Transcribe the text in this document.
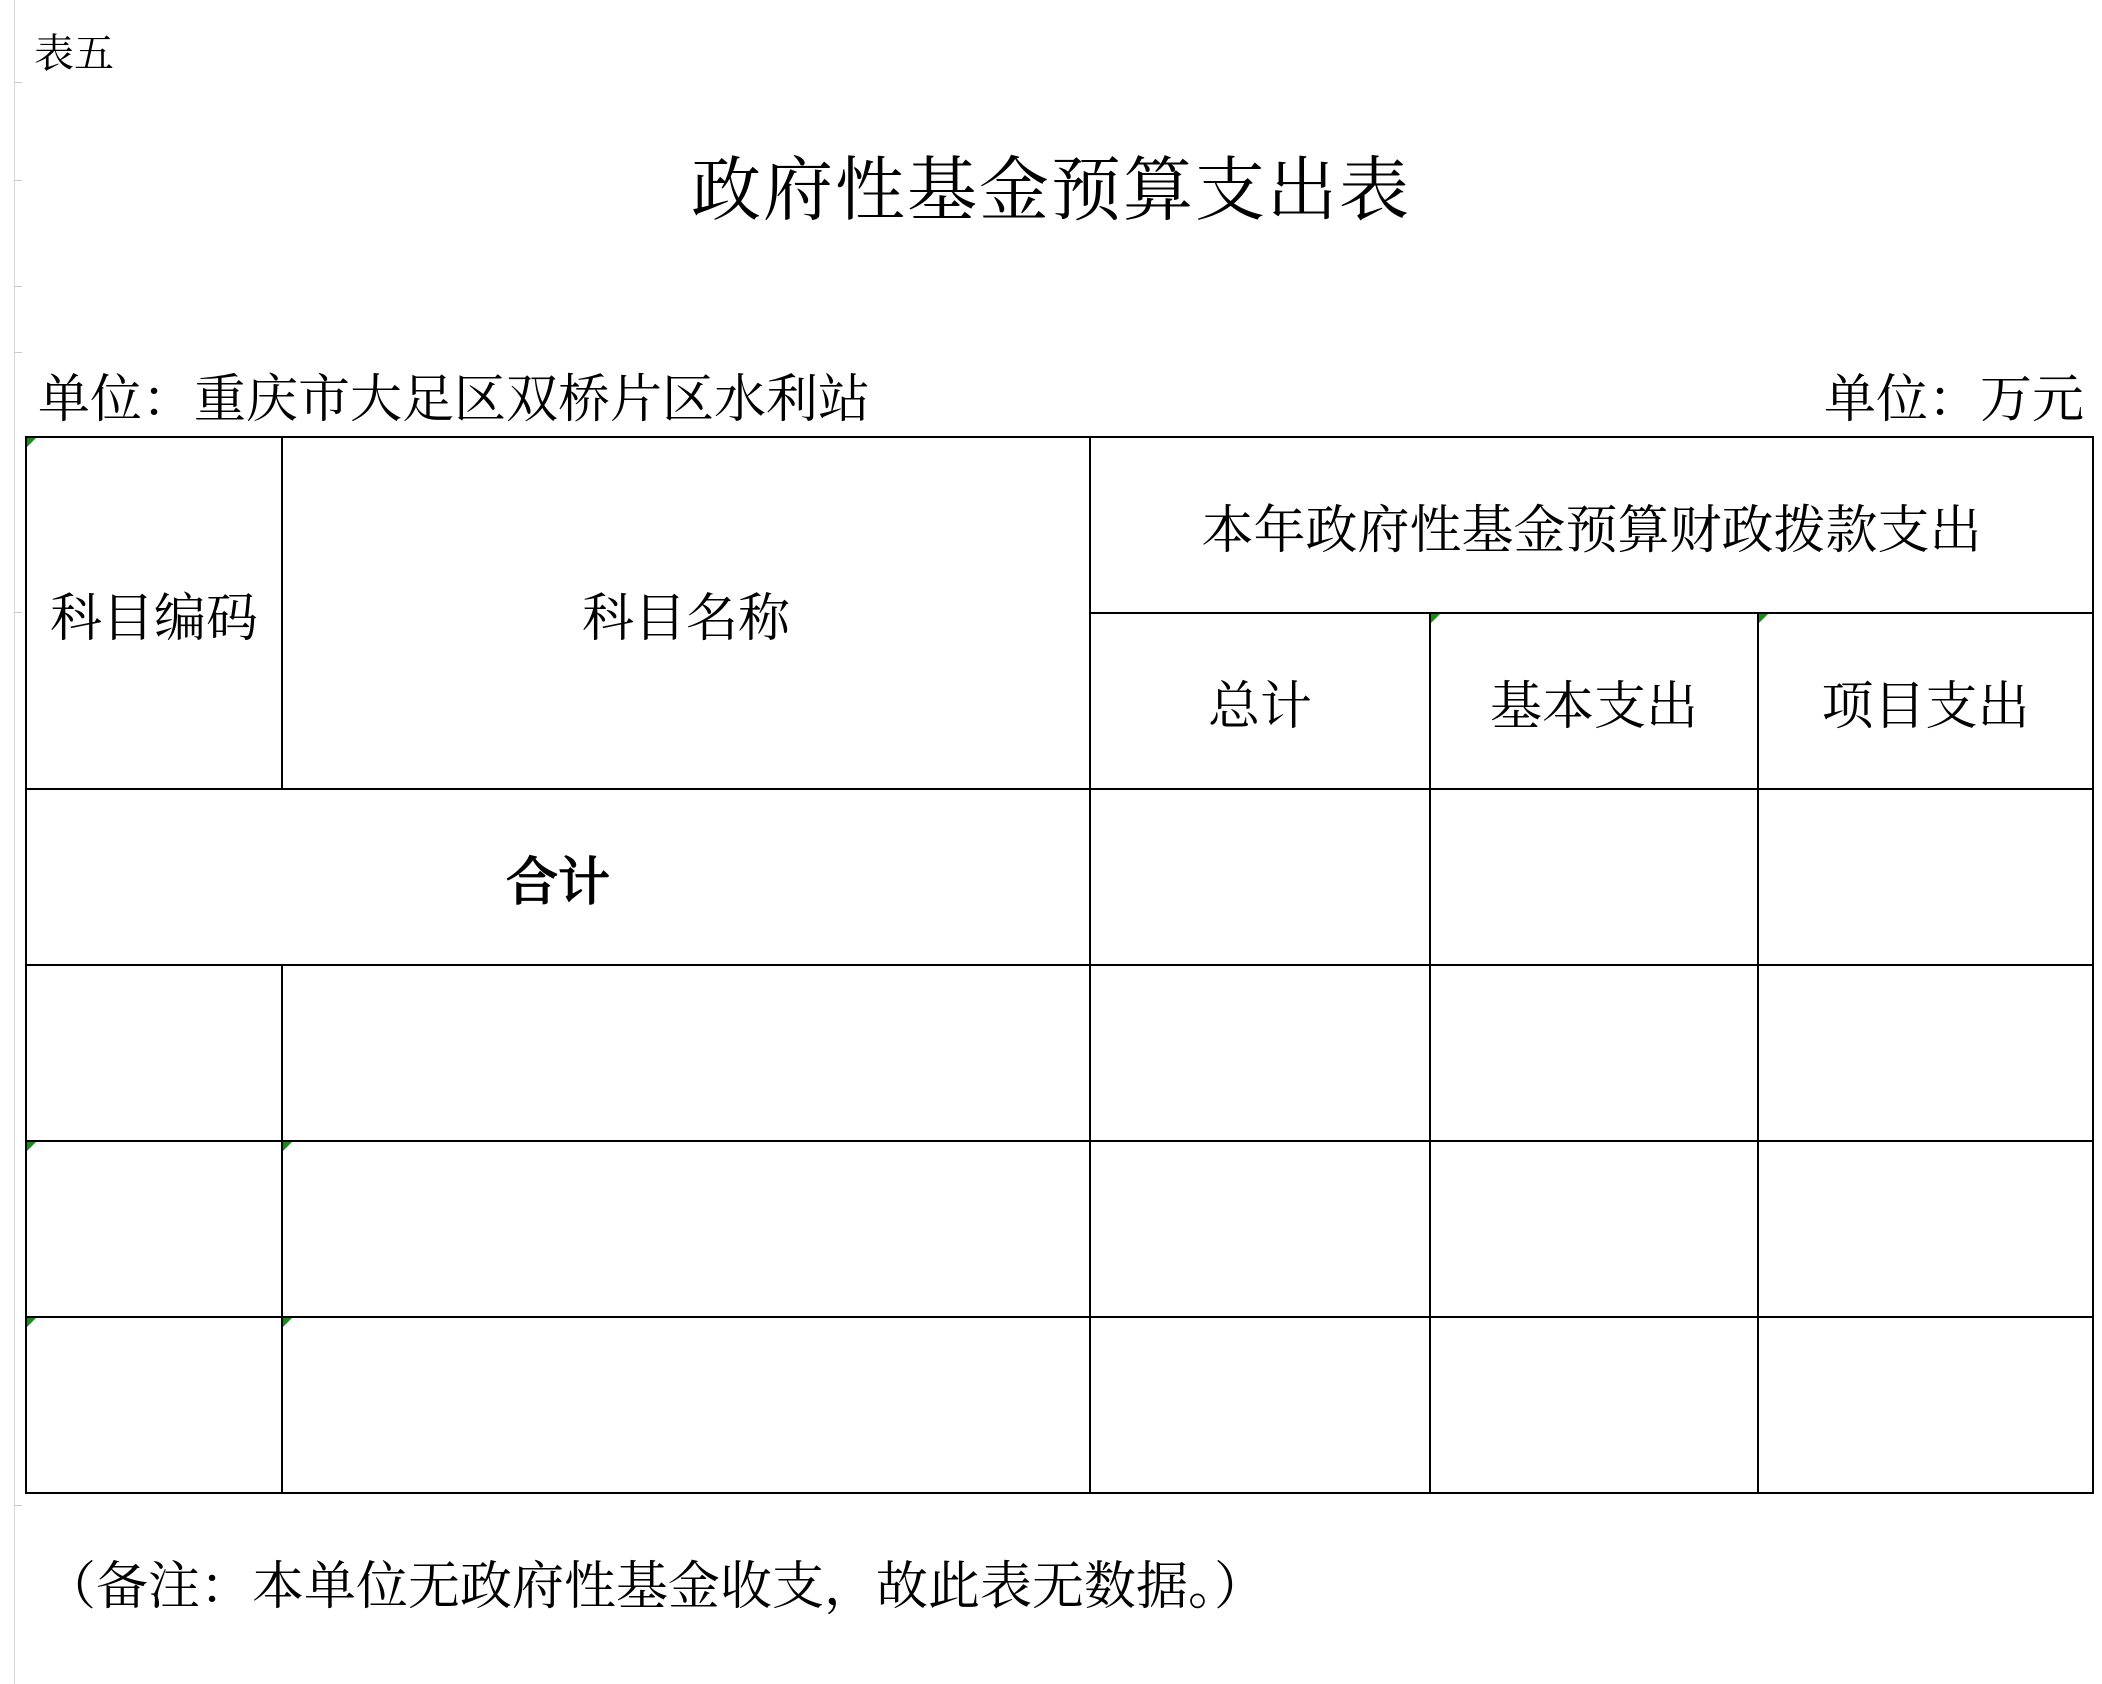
表五
政府性基金预算支出表
单位：重庆市大足区双桥片区水利站	单位：万元
科目编码	科目名称	本年政府性基金预算财政拨款支出		
		总计	基本支出	项目支出
合计				

（备注：本单位无政府性基金收支，故此表无数据。）
